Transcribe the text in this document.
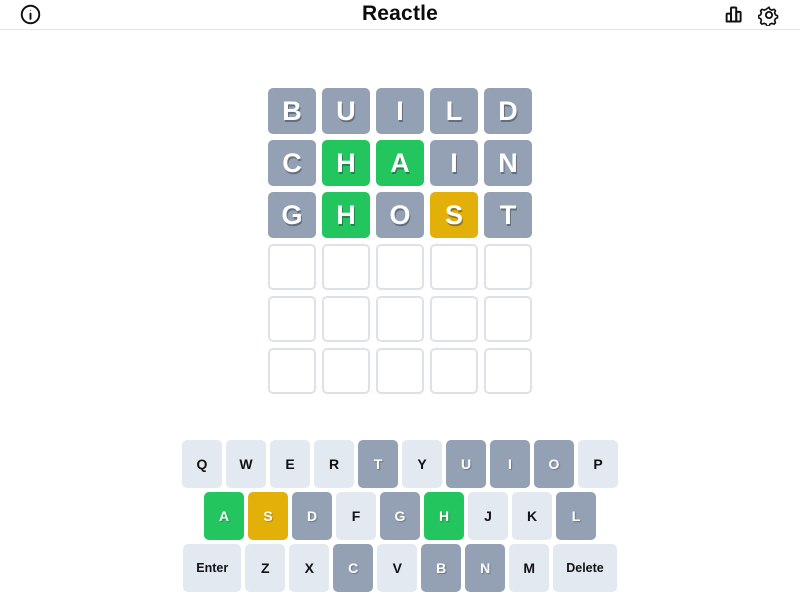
Reactle
B	U	I	L	D
C	H	A	I	N
G	H	O	S	T
Q	W	E	R	T	Y	U	I	O	P
A	S	D	F	G	H	J	K	L
Enter	Z	X	C	V	B	N	M	Delete
